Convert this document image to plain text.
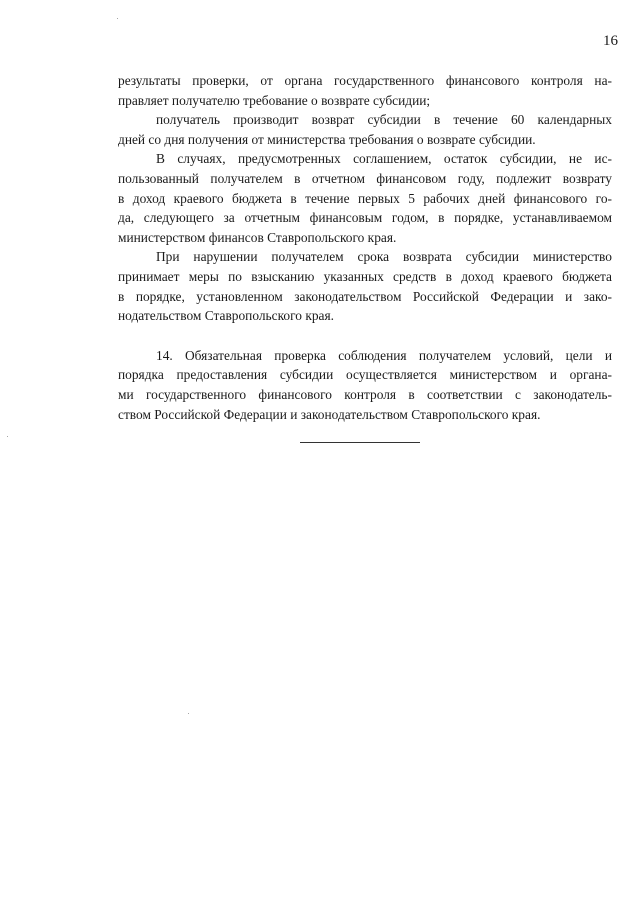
16
результаты проверки, от органа государственного финансового контроля на-
правляет получателю требование о возврате субсидии;
получатель производит возврат субсидии в течение 60 календарных
дней со дня получения от министерства требования о возврате субсидии.
В случаях, предусмотренных соглашением, остаток субсидии, не ис-
пользованный получателем в отчетном финансовом году, подлежит возврату
в доход краевого бюджета в течение первых 5 рабочих дней финансового го-
да, следующего за отчетным финансовым годом, в порядке, устанавливаемом
министерством финансов Ставропольского края.
При нарушении получателем срока возврата субсидии министерство
принимает меры по взысканию указанных средств в доход краевого бюджета
в порядке, установленном законодательством Российской Федерации и зако-
нодательством Ставропольского края.
14. Обязательная проверка соблюдения получателем условий, цели и
порядка предоставления субсидии осуществляется министерством и органа-
ми государственного финансового контроля в соответствии с законодатель-
ством Российской Федерации и законодательством Ставропольского края.
